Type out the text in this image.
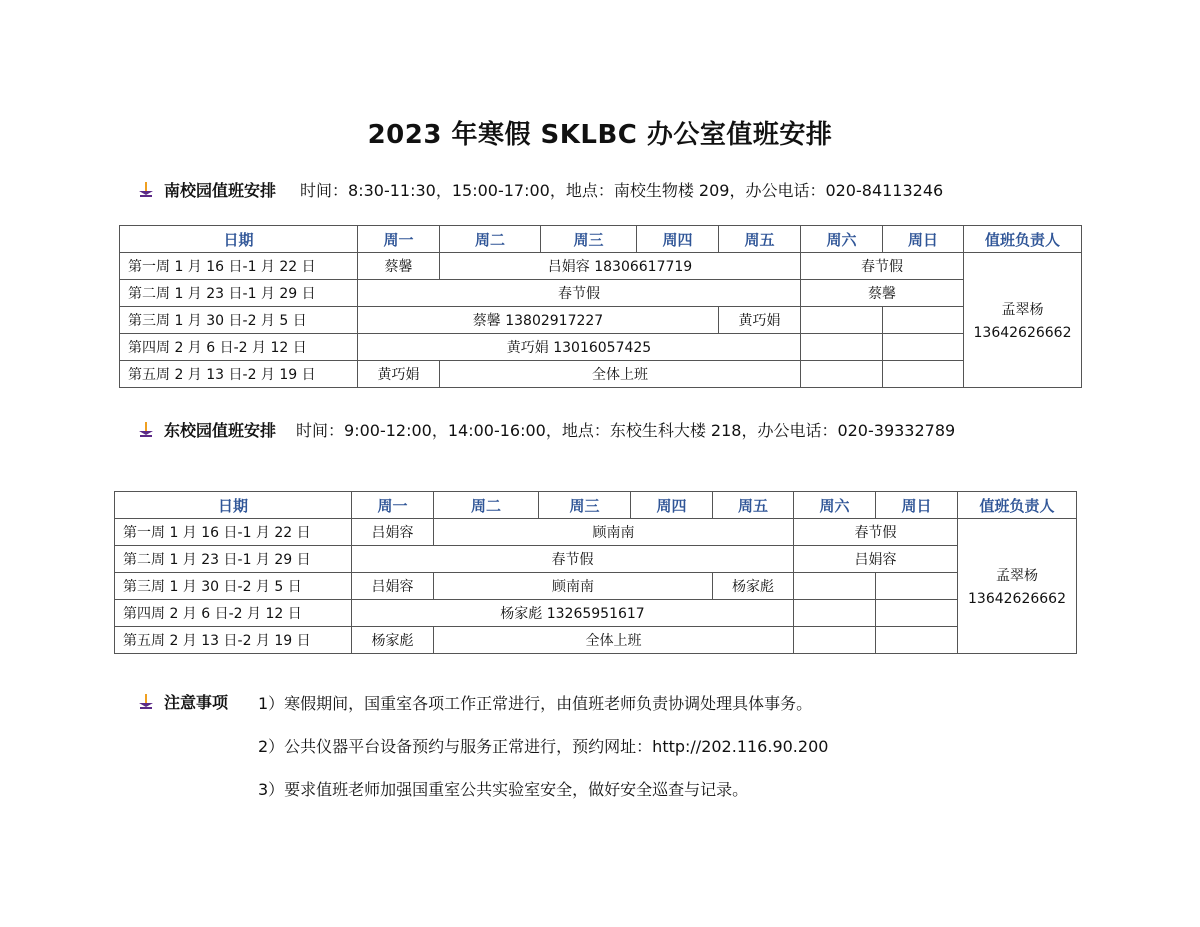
2023 年寒假 SKLBC 办公室值班安排
南校园值班安排 时间：8:30-11:30，15:00-17:00，地点：南校生物楼 209，办公电话：020-84113246
日期	周一	周二	周三	周四	周五	周六	周日	值班负责人
第一周 1 月 16 日-1 月 22 日	蔡馨	吕娟容 18306617719				春节假		孟翠杨
13642626662

第二周 1 月 23 日-1 月 29 日	春节假					蔡馨		
第三周 1 月 30 日-2 月 5 日	蔡馨 13802917227				黄巧娟			
第四周 2 月 6 日-2 月 12 日	黄巧娟 13016057425							
第五周 2 月 13 日-2 月 19 日	黄巧娟	全体上班						
东校园值班安排 时间：9:00-12:00，14:00-16:00，地点：东校生科大楼 218，办公电话：020-39332789
日期	周一	周二	周三	周四	周五	周六	周日	值班负责人
第一周 1 月 16 日-1 月 22 日	吕娟容	顾南南				春节假		孟翠杨
13642626662

第二周 1 月 23 日-1 月 29 日	春节假					吕娟容		
第三周 1 月 30 日-2 月 5 日	吕娟容	顾南南			杨家彪			
第四周 2 月 6 日-2 月 12 日	杨家彪 13265951617							
第五周 2 月 13 日-2 月 19 日	杨家彪	全体上班						
注意事项 1）寒假期间，国重室各项工作正常进行，由值班老师负责协调处理具体事务。
2）公共仪器平台设备预约与服务正常进行，预约网址：http://202.116.90.200
3）要求值班老师加强国重室公共实验室安全，做好安全巡查与记录。
